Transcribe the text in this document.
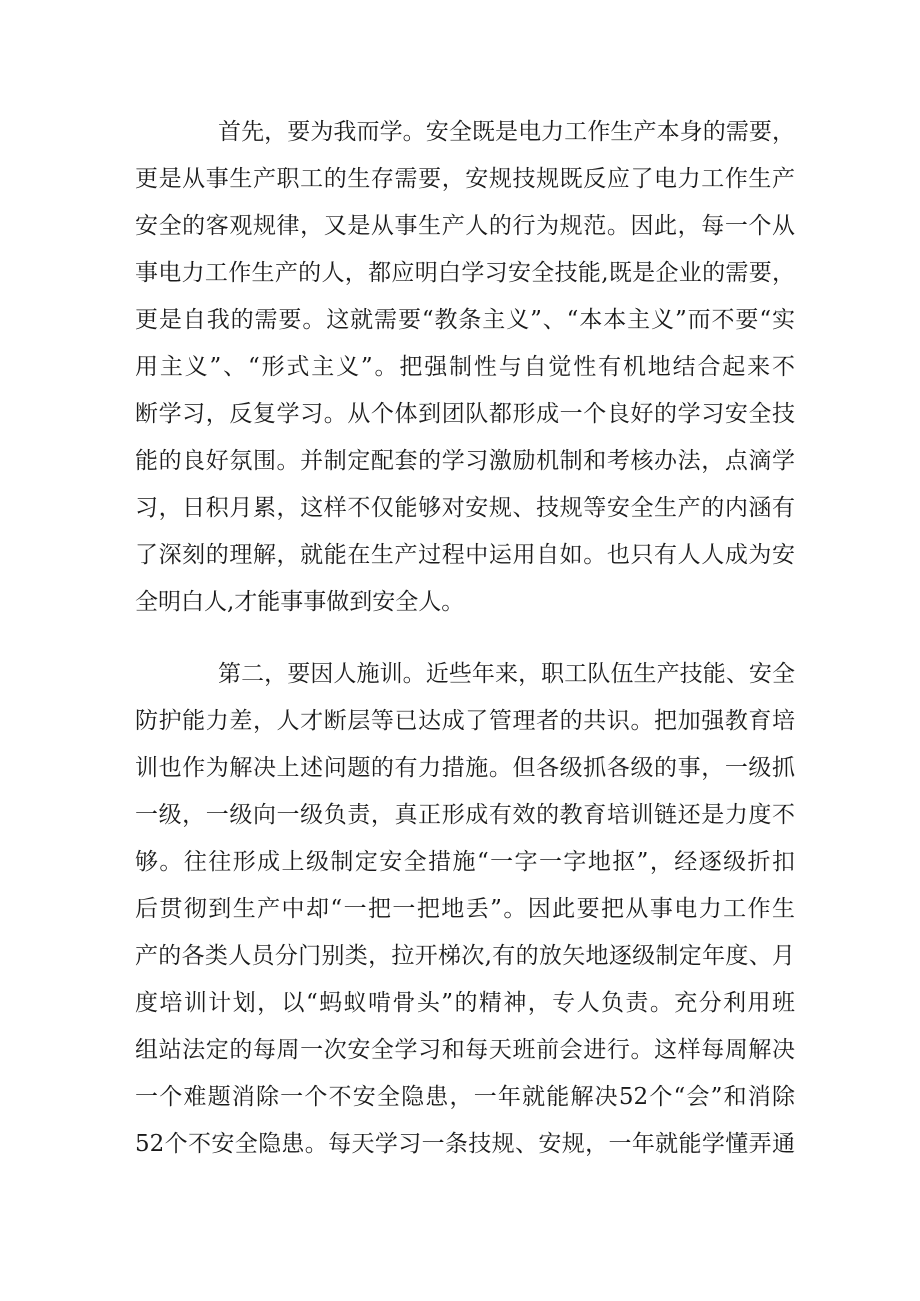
首先，要为我而学。安全既是电力工作生产本身的需要，
更是从事生产职工的生存需要，安规技规既反应了电力工作生产
安全的客观规律，又是从事生产人的行为规范。因此，每一个从
事电力工作生产的人，都应明白学习安全技能,既是企业的需要，
更是自我的需要。这就需要“教条主义”、“本本主义”而不要“实
用主义”、“形式主义”。把强制性与自觉性有机地结合起来不
断学习，反复学习。从个体到团队都形成一个良好的学习安全技
能的良好氛围。并制定配套的学习激励机制和考核办法，点滴学
习，日积月累，这样不仅能够对安规、技规等安全生产的内涵有
了深刻的理解，就能在生产过程中运用自如。也只有人人成为安
全明白人,才能事事做到安全人。
第二，要因人施训。近些年来，职工队伍生产技能、安全
防护能力差，人才断层等已达成了管理者的共识。把加强教育培
训也作为解决上述问题的有力措施。但各级抓各级的事，一级抓
一级，一级向一级负责，真正形成有效的教育培训链还是力度不
够。往往形成上级制定安全措施“一字一字地抠”，经逐级折扣
后贯彻到生产中却“一把一把地丢”。因此要把从事电力工作生
产的各类人员分门别类，拉开梯次,有的放矢地逐级制定年度、月
度培训计划，以“蚂蚁啃骨头”的精神，专人负责。充分利用班
组站法定的每周一次安全学习和每天班前会进行。这样每周解决
一个难题消除一个不安全隐患，一年就能解决52个“会”和消除
52个不安全隐患。每天学习一条技规、安规，一年就能学懂弄通
